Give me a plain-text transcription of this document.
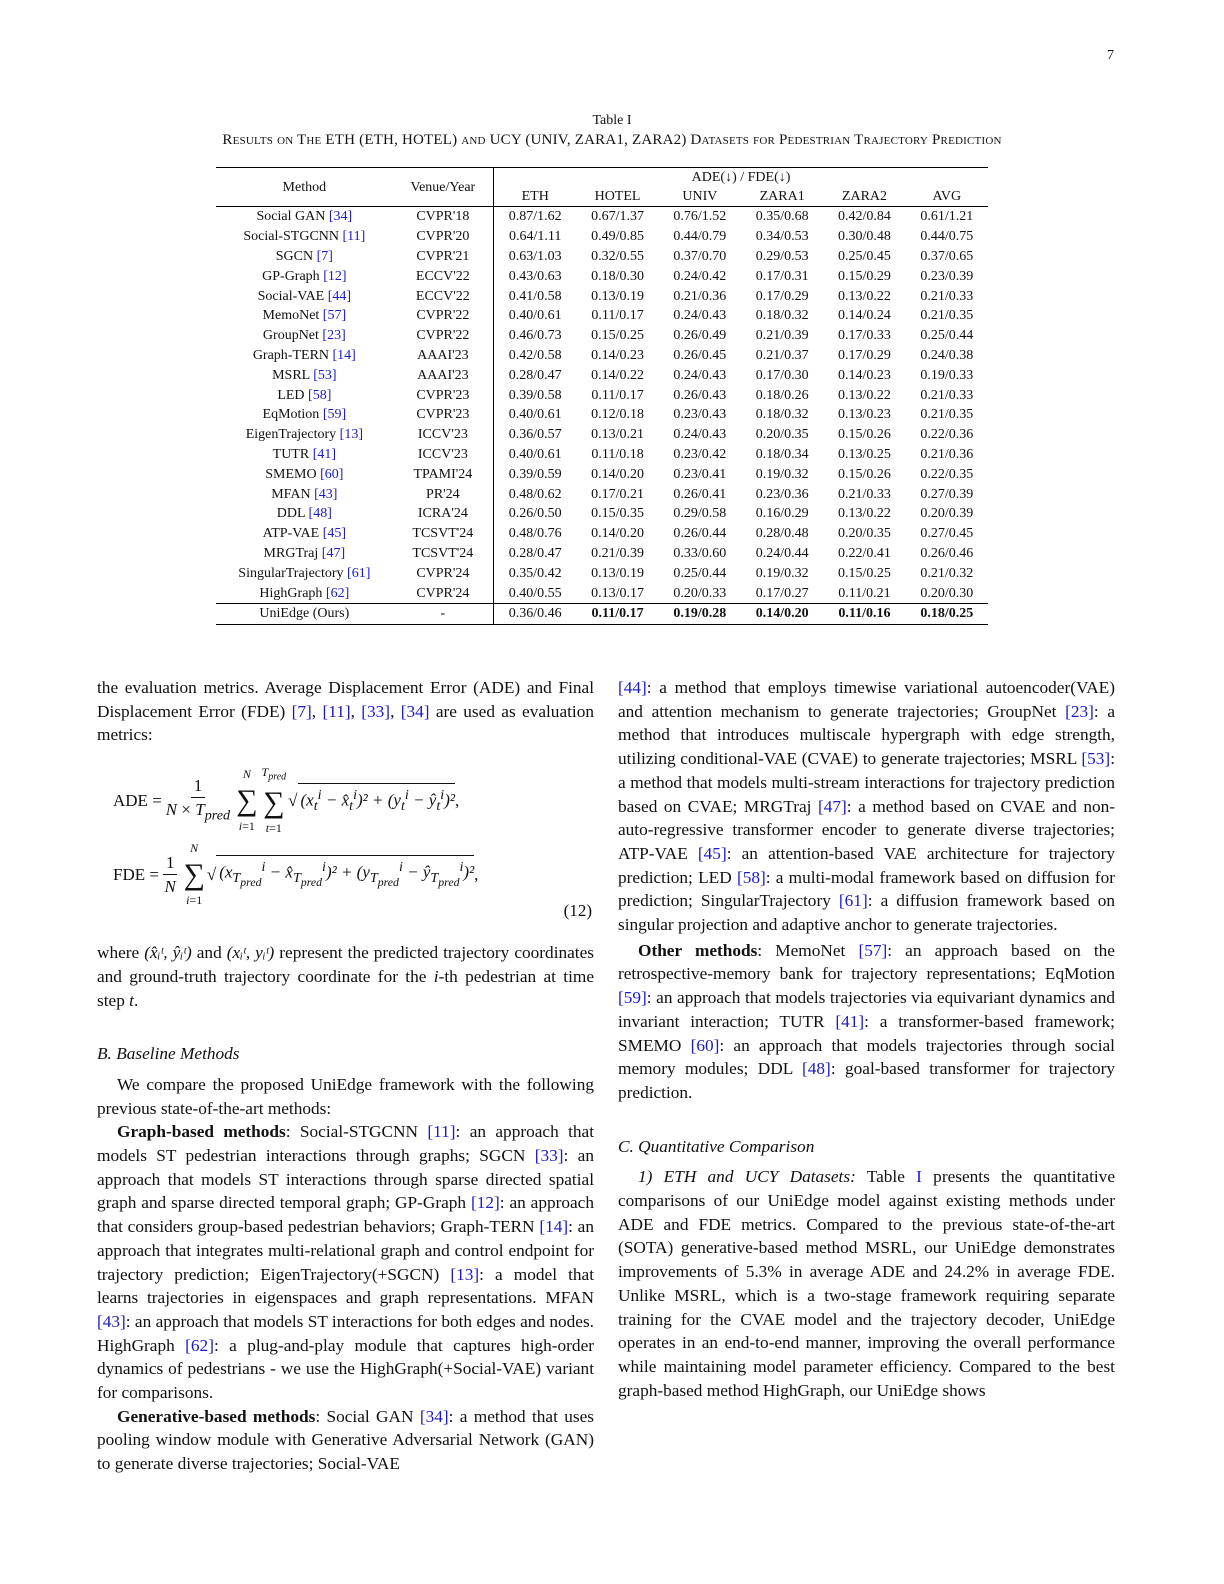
7
Table I
Results on The ETH (ETH, HOTEL) and UCY (UNIV, ZARA1, ZARA2) Datasets for Pedestrian Trajectory Prediction
Method	Venue/Year	ADE(↓) / FDE(↓)					
		ETH	HOTEL	UNIV	ZARA1	ZARA2	AVG
Social GAN [34]	CVPR'18	0.87/1.62	0.67/1.37	0.76/1.52	0.35/0.68	0.42/0.84	0.61/1.21
Social-STGCNN [11]	CVPR'20	0.64/1.11	0.49/0.85	0.44/0.79	0.34/0.53	0.30/0.48	0.44/0.75
SGCN [7]	CVPR'21	0.63/1.03	0.32/0.55	0.37/0.70	0.29/0.53	0.25/0.45	0.37/0.65
GP-Graph [12]	ECCV'22	0.43/0.63	0.18/0.30	0.24/0.42	0.17/0.31	0.15/0.29	0.23/0.39
Social-VAE [44]	ECCV'22	0.41/0.58	0.13/0.19	0.21/0.36	0.17/0.29	0.13/0.22	0.21/0.33
MemoNet [57]	CVPR'22	0.40/0.61	0.11/0.17	0.24/0.43	0.18/0.32	0.14/0.24	0.21/0.35
GroupNet [23]	CVPR'22	0.46/0.73	0.15/0.25	0.26/0.49	0.21/0.39	0.17/0.33	0.25/0.44
Graph-TERN [14]	AAAI'23	0.42/0.58	0.14/0.23	0.26/0.45	0.21/0.37	0.17/0.29	0.24/0.38
MSRL [53]	AAAI'23	0.28/0.47	0.14/0.22	0.24/0.43	0.17/0.30	0.14/0.23	0.19/0.33
LED [58]	CVPR'23	0.39/0.58	0.11/0.17	0.26/0.43	0.18/0.26	0.13/0.22	0.21/0.33
EqMotion [59]	CVPR'23	0.40/0.61	0.12/0.18	0.23/0.43	0.18/0.32	0.13/0.23	0.21/0.35
EigenTrajectory [13]	ICCV'23	0.36/0.57	0.13/0.21	0.24/0.43	0.20/0.35	0.15/0.26	0.22/0.36
TUTR [41]	ICCV'23	0.40/0.61	0.11/0.18	0.23/0.42	0.18/0.34	0.13/0.25	0.21/0.36
SMEMO [60]	TPAMI'24	0.39/0.59	0.14/0.20	0.23/0.41	0.19/0.32	0.15/0.26	0.22/0.35
MFAN [43]	PR'24	0.48/0.62	0.17/0.21	0.26/0.41	0.23/0.36	0.21/0.33	0.27/0.39
DDL [48]	ICRA'24	0.26/0.50	0.15/0.35	0.29/0.58	0.16/0.29	0.13/0.22	0.20/0.39
ATP-VAE [45]	TCSVT'24	0.48/0.76	0.14/0.20	0.26/0.44	0.28/0.48	0.20/0.35	0.27/0.45
MRGTraj [47]	TCSVT'24	0.28/0.47	0.21/0.39	0.33/0.60	0.24/0.44	0.22/0.41	0.26/0.46
SingularTrajectory [61]	CVPR'24	0.35/0.42	0.13/0.19	0.25/0.44	0.19/0.32	0.15/0.25	0.21/0.32
HighGraph [62]	CVPR'24	0.40/0.55	0.13/0.17	0.20/0.33	0.17/0.27	0.11/0.21	0.20/0.30
UniEdge (Ours)	-	0.36/0.46	0.11/0.17	0.19/0.28	0.14/0.20	0.11/0.16	0.18/0.25

the evaluation metrics. Average Displacement Error (ADE) and Final Displacement Error (FDE) [7], [11], [33], [34] are used as evaluation metrics:

ADE = $\frac{1}{N \times T_{pred}}$ N
∑
i=1
$T_{pred}$
∑
t=1
√ ($x_t^i$ − $x̂_t^i)^2 + (y_t^i$ − $ŷ_t^i)^2$ ,
FDE = $\frac{1}{N}$
N
∑
i=1
√ ($x_{T_{pred}}^i$ − $x̂_{T_{pred}}^i)^2 + (y_{T_{pred}}^i$ − $ŷ_{T_{pred}}^i)^2$ ,
(12)

where (x̂ᵢᵗ, ŷᵢᵗ) and (xᵢᵗ, yᵢᵗ) represent the predicted trajectory coordinates and ground-truth trajectory coordinate for the i-th pedestrian at time step t.

B. Baseline Methods

We compare the proposed UniEdge framework with the following previous state-of-the-art methods:

Graph-based methods: Social-STGCNN [11]: an approach that models ST pedestrian interactions through graphs; SGCN [33]: an approach that models ST interactions through sparse directed spatial graph and sparse directed temporal graph; GP-Graph [12]: an approach that considers group-based pedestrian behaviors; Graph-TERN [14]: an approach that integrates multi-relational graph and control endpoint for trajectory prediction; EigenTrajectory(+SGCN) [13]: a model that learns trajectories in eigenspaces and graph representations. MFAN [43]: an approach that models ST interactions for both edges and nodes. HighGraph [62]: a plug-and-play module that captures high-order dynamics of pedestrians - we use the HighGraph(+Social-VAE) variant for comparisons.

Generative-based methods: Social GAN [34]: a method that uses pooling window module with Generative Adversarial Network (GAN) to generate diverse trajectories; Social-VAE

[44]: a method that employs timewise variational autoencoder(VAE) and attention mechanism to generate trajectories; GroupNet [23]: a method that introduces multiscale hypergraph with edge strength, utilizing conditional-VAE (CVAE) to generate trajectories; MSRL [53]: a method that models multi-stream interactions for trajectory prediction based on CVAE; MRGTraj [47]: a method based on CVAE and non-auto-regressive transformer encoder to generate diverse trajectories; ATP-VAE [45]: an attention-based VAE architecture for trajectory prediction; LED [58]: a multi-modal framework based on diffusion for prediction; SingularTrajectory [61]: a diffusion framework based on singular projection and adaptive anchor to generate trajectories.

Other methods: MemoNet [57]: an approach based on the retrospective-memory bank for trajectory representations; EqMotion [59]: an approach that models trajectories via equivariant dynamics and invariant interaction; TUTR [41]: a transformer-based framework; SMEMO [60]: an approach that models trajectories through social memory modules; DDL [48]: goal-based transformer for trajectory prediction.

C. Quantitative Comparison

1) ETH and UCY Datasets: Table I presents the quantitative comparisons of our UniEdge model against existing methods under ADE and FDE metrics. Compared to the previous state-of-the-art (SOTA) generative-based method MSRL, our UniEdge demonstrates improvements of 5.3% in average ADE and 24.2% in average FDE. Unlike MSRL, which is a two-stage framework requiring separate training for the CVAE model and the trajectory decoder, UniEdge operates in an end-to-end manner, improving the overall performance while maintaining model parameter efficiency. Compared to the best graph-based method HighGraph, our UniEdge shows
